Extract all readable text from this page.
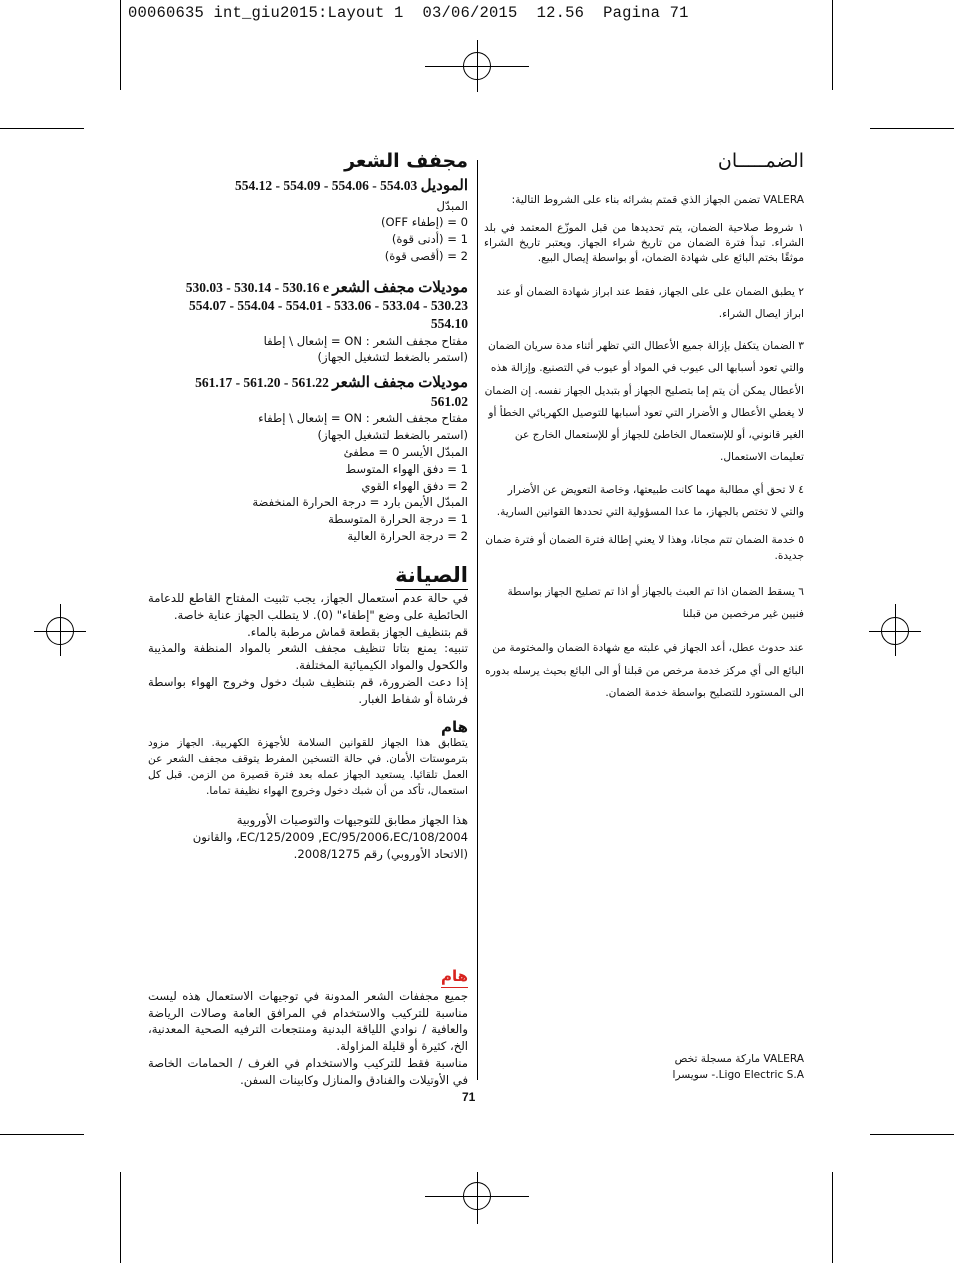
00060635 int_giu2015:Layout 1  03/06/2015  12.56  Pagina 71

مجفف الشعر

الموديل 554.12 - 554.09 - 554.06 - 554.03

المبدّل

0 = (إطفاء OFF)

1 = (أدنى قوة)

2 = (أقصى قوة)

موديلات مجفف الشعر 530.03 - 530.14 - 530.16 e

554.07 - 554.04 - 554.01 - 533.06 - 533.04 - 530.23

554.10

مفتاح مجفف الشعر : ON = إشعال \ إطفا

(استمر بالضغط لتشغيل الجهاز)

موديلات مجفف الشعر 561.17 - 561.20 - 561.22

561.02

مفتاح مجفف الشعر : ON = إشعال \ إطفاء

(استمر بالضغط لتشغيل الجهاز)

المبدّل الأيسر 0 = مطفئ

1 = دفق الهواء المتوسط

2 = دفق الهواء القوي

المبدّل الأيمن بارد = درجة الحرارة المنخفضة

1 = درجة الحرارة المتوسطة

2 = درجة الحرارة العالية

الصيانة

في حالة عدم استعمال الجهاز، يجب تثبيت المفتاح القاطع للدعامة الحائطية على وضع "إطفاء" (0). لا يتطلب الجهاز عناية خاصة.

قم بتنظيف الجهاز بقطعة قماش مرطبة بالماء.

تنبيه: يمنع بتاتا تنظيف مجفف الشعر بالمواد المنظفة والمذيبة والكحول والمواد الكيميائية المختلفة.

إذا دعت الضرورة، قم بتنظيف شبك دخول وخروج الهواء بواسطة فرشاة أو شفاط الغبار.

هام

يتطابق هذا الجهاز للقوانين السلامة للأجهزة الكهربية. الجهاز مزود بترموستات الأمان. في حالة التسخين المفرط يتوقف مجفف الشعر عن العمل تلقائيا. يستعيد الجهاز عمله بعد فترة قصيرة من الزمن. قبل كل استعمال، تأكد من أن شبك دخول وخروج الهواء نظيفة تماما.

هذا الجهاز مطابق للتوجيهات والتوصيات الأوروبية

EC/125/2009 ,EC/95/2006،EC/108/2004، والقانون

(الاتحاد الأوروبي) رقم 2008/1275.

هام

جميع مجففات الشعر المدونة في توجيهات الاستعمال هذه ليست مناسبة للتركيب والاستخدام في المرافق العامة وصالات الرياضة والعافية / نوادي اللياقة البدنية ومنتجعات الترفيه الصحية المعدنية، الخ، كثيرة أو قليلة المزاولة.

مناسبة فقط للتركيب والاستخدام في الغرف / الحمامات الخاصة في الأوتيلات والفنادق والمنازل وكابينات السفن.

الضمـــــان

VALERA تضمن الجهاز الذي قمتم بشرائه بناء على الشروط التالية:

١ شروط صلاحية الضمان، يتم تحديدها من قبل الموزّع المعتمد في بلد الشراء. تبدأ فترة الضمان من تاريخ شراء الجهاز. ويعتبر تاريخ الشراء موثقًا بختم البائع على شهادة الضمان، أو بواسطة إيصال البيع.

٢ يطبق الضمان على على الجهاز، فقط عند ابراز شهادة الضمان أو عند ابراز ايصال الشراء.

٣ الضمان يتكفل بإزالة جميع الأعطال التي تظهر أثناء مدة سريان الضمان والتي تعود أسبابها الى عيوب في المواد أو عيوب في التصنيع. وإزالة هذه الأعطال يمكن أن يتم إما بتصليح الجهاز أو بتبديل الجهاز نفسه. إن الضمان لا يغطي الأعطال و الأضرار التي تعود أسبابها للتوصيل الكهربائي الخطأ أو الغير قانوني، أو للإستعمال الخاطئ للجهاز أو للإستعمال الخارج عن تعليمات الاستعمال.

٤ لا تحق أي مطالبة مهما كانت طبيعتها، وخاصة التعويض عن الأضرار والتي لا تختص بالجهاز، ما عدا المسؤولية التي تحددها القوانين السارية.

٥ خدمة الضمان تتم مجانا، وهذا لا يعني إطالة فترة الضمان أو فترة ضمان جديدة.

٦ يسقط الضمان اذا تم العبث بالجهاز أو اذا تم تصليح الجهاز بواسطة فنيين غير مرخصين من قبلنا

عند حدوث عطل، أعد الجهاز في علبته مع شهادة الضمان والمختومة من البائع الى أي مركز خدمة مرخص من قبلنا أو الى البائع بحيث يرسله بدوره الى المستورد للتصليح بواسطة خدمة الضمان.

VALERA ماركة مسجلة تخص

Ligo Electric S.A.- سويسرا

71
